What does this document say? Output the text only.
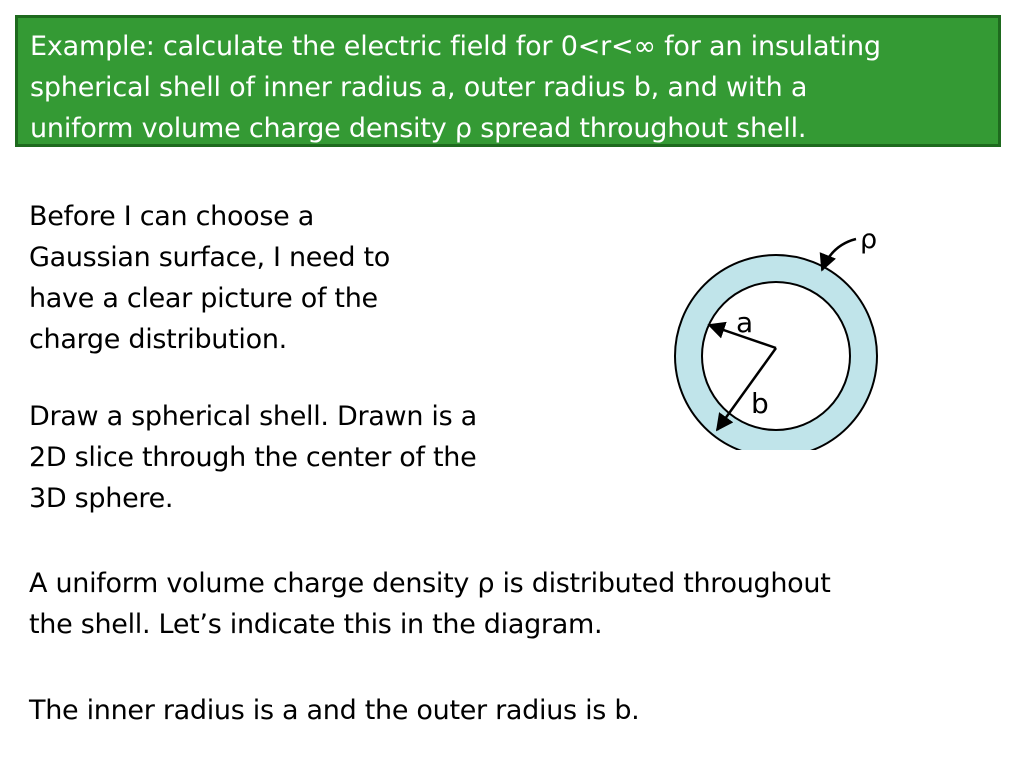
Example: calculate the electric field for 0<r<∞ for an insulating
spherical shell of inner radius a, outer radius b, and with a
uniform volume charge density ρ spread throughout shell.
Before I can choose a
Gaussian surface, I need to
have a clear picture of the
charge distribution.
Draw a spherical shell. Drawn is a
2D slice through the center of the
3D sphere.
A uniform volume charge density ρ is distributed throughout
the shell. Let’s indicate this in the diagram.
The inner radius is a and the outer radius is b.
ρ
a
b
